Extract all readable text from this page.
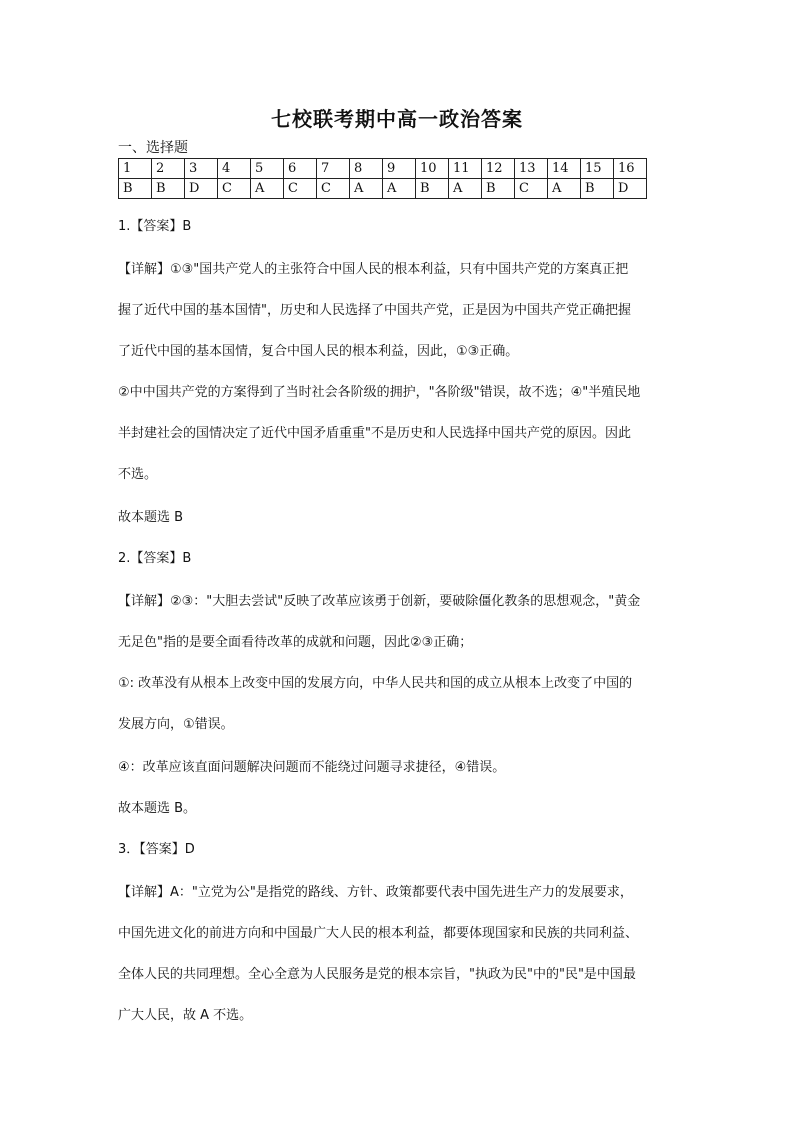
七校联考期中高一政治答案
一、选择题
1	2	3	4	5	6	7	8	9	10	11	12	13	14	15	16
B	B	D	C	A	C	C	A	A	B	A	B	C	A	B	D
1.【答案】B
【详解】①③"国共产党人的主张符合中国人民的根本利益，只有中国共产党的方案真正把
握了近代中国的基本国情"，历史和人民选择了中国共产党，正是因为中国共产党正确把握
了近代中国的基本国情，复合中国人民的根本利益，因此，①③正确。
②中中国共产党的方案得到了当时社会各阶级的拥护，"各阶级"错误，故不选；④"半殖民地
半封建社会的国情决定了近代中国矛盾重重"不是历史和人民选择中国共产党的原因。因此
不选。
故本题选 B
2.【答案】B
【详解】②③："大胆去尝试"反映了改革应该勇于创新，要破除僵化教条的思想观念，"黄金
无足色"指的是要全面看待改革的成就和问题，因此②③正确；
①: 改革没有从根本上改变中国的发展方向，中华人民共和国的成立从根本上改变了中国的
发展方向，①错误。
④：改革应该直面问题解决问题而不能绕过问题寻求捷径，④错误。
故本题选 B。
3．【答案】D
【详解】A："立党为公"是指党的路线、方针、政策都要代表中国先进生产力的发展要求，
中国先进文化的前进方向和中国最广大人民的根本利益，都要体现国家和民族的共同利益、
全体人民的共同理想。全心全意为人民服务是党的根本宗旨，"执政为民"中的"民"是中国最
广大人民，故 A 不选。
